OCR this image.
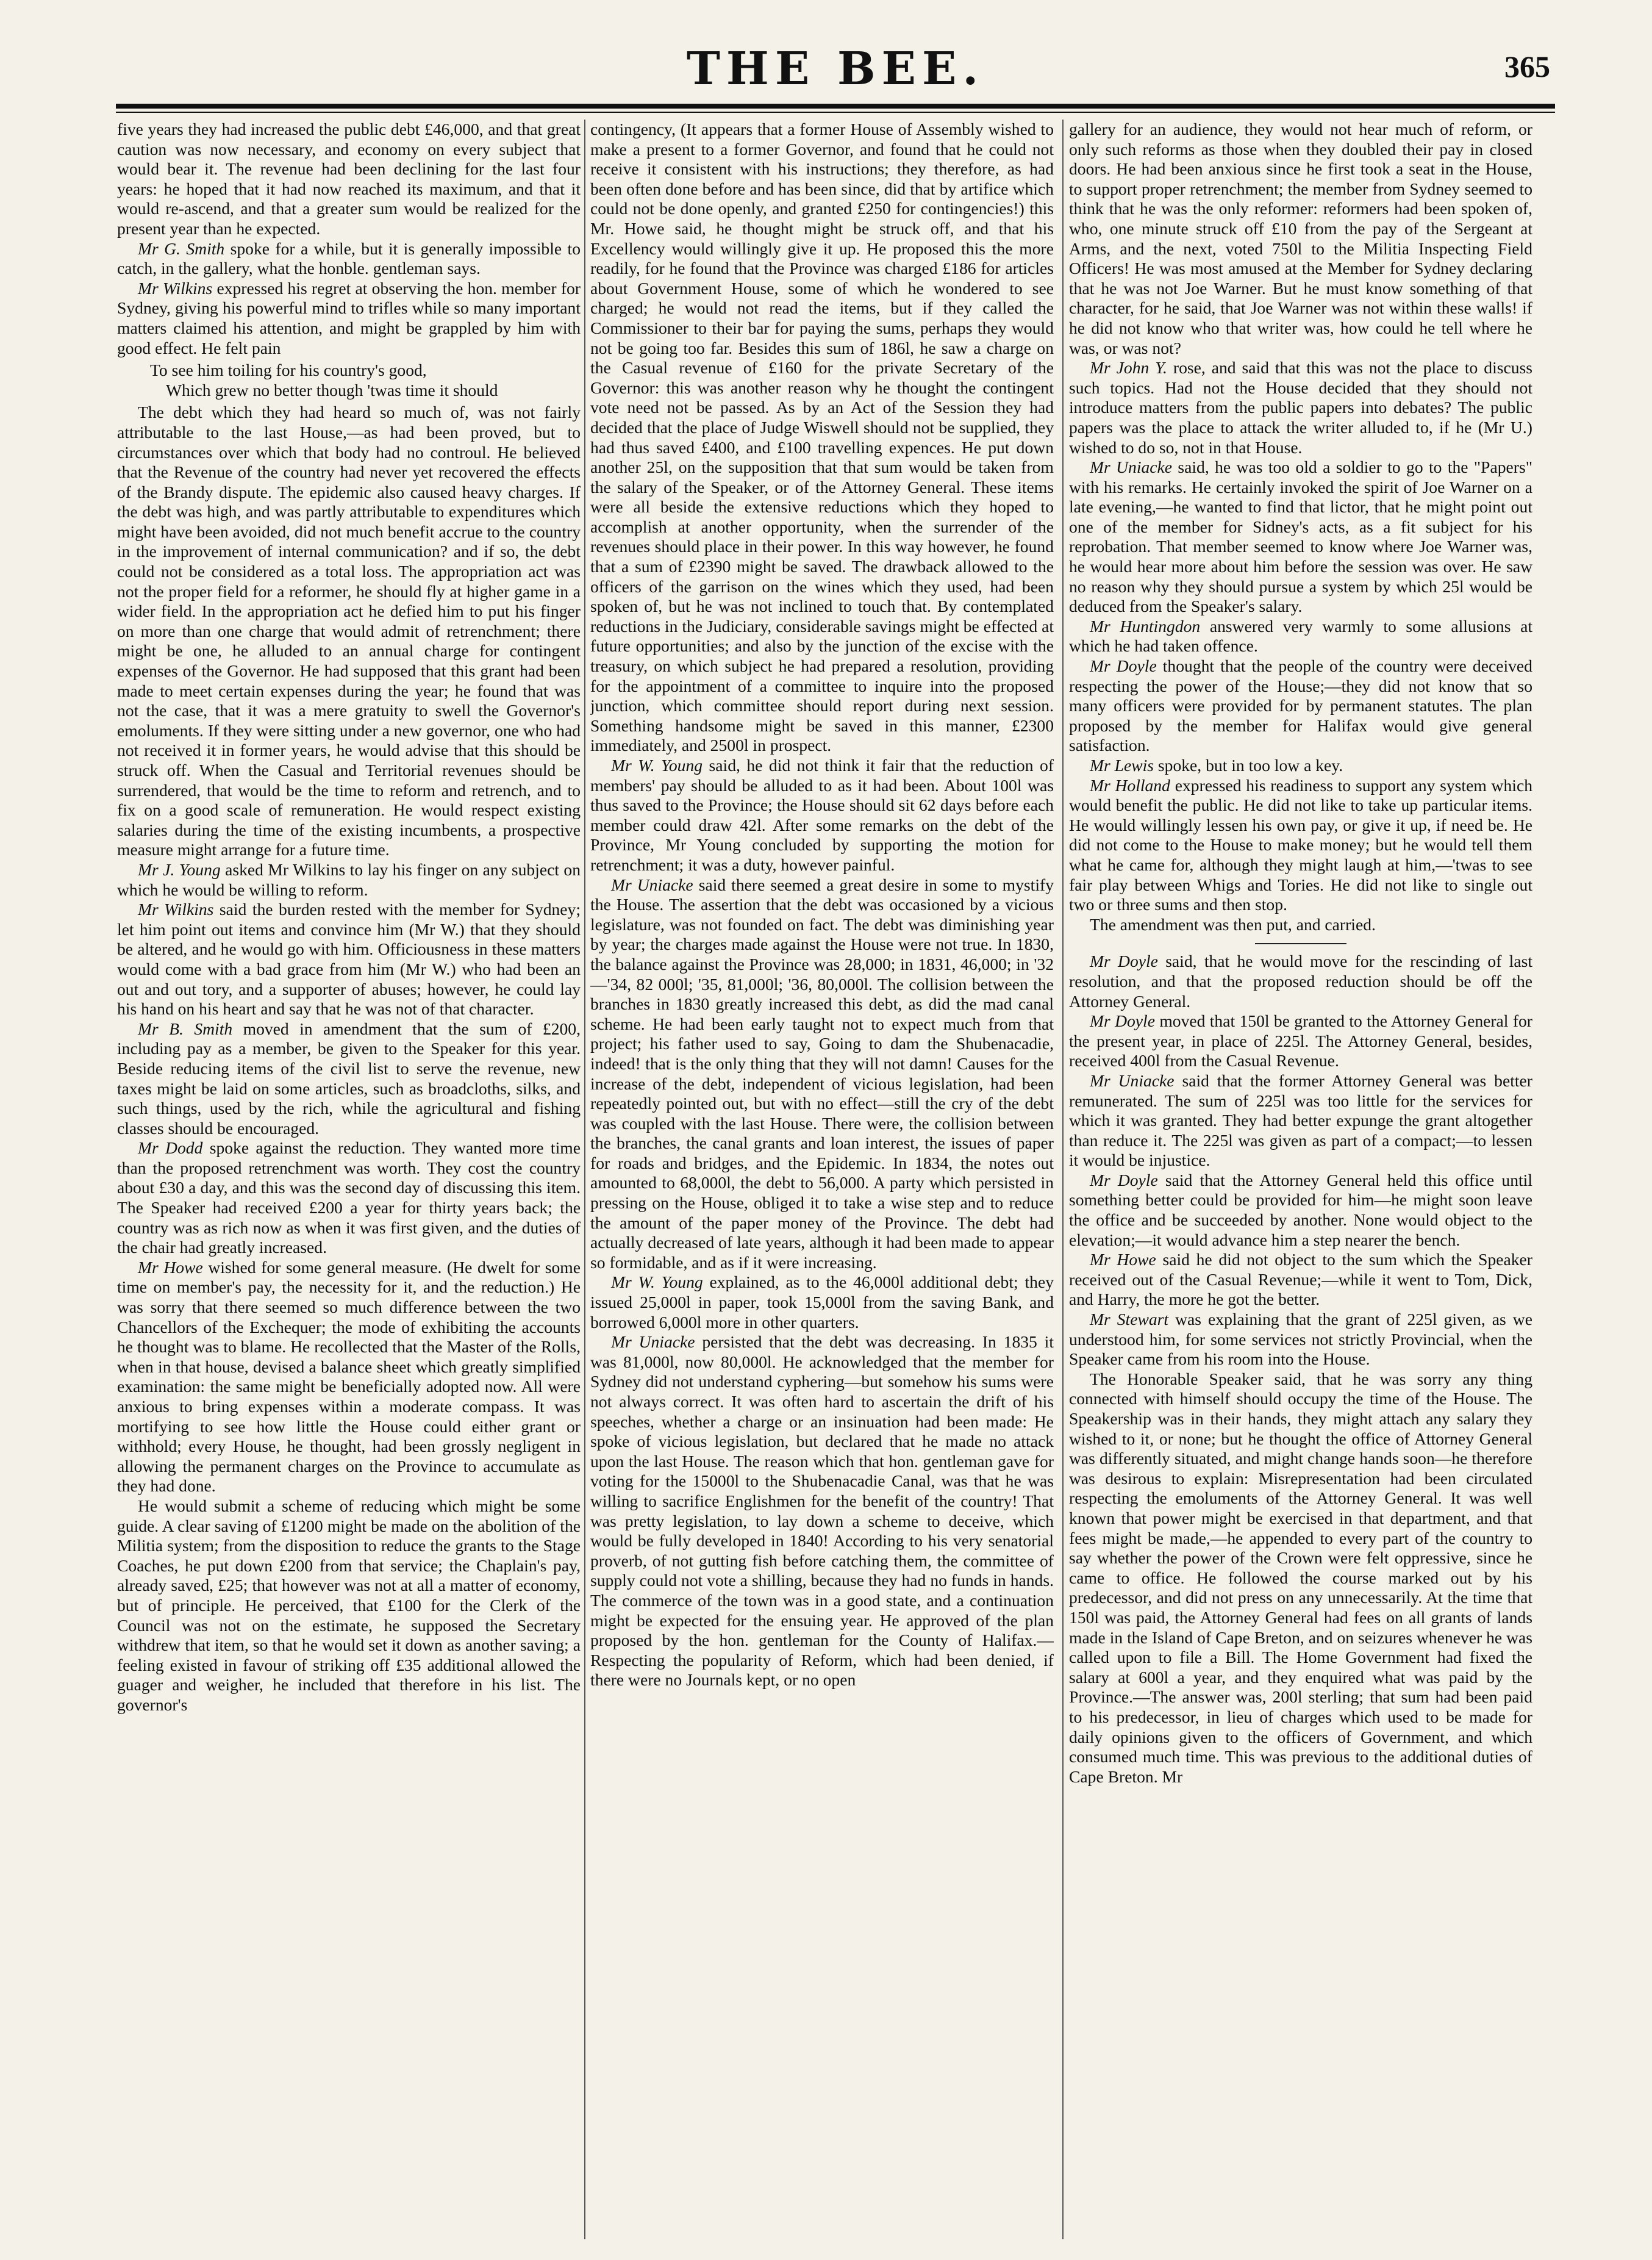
THE BEE.	365

five years they had increased the public debt £46,000, and that great caution was now necessary, and economy on every subject that would bear it. The revenue had been declining for the last four years: he hoped that it had now reached its maximum, and that it would re-ascend, and that a greater sum would be realized for the present year than he expected.

Mr G. Smith spoke for a while, but it is generally impossible to catch, in the gallery, what the honble. gentleman says.

Mr Wilkins expressed his regret at observing the hon. member for Sydney, giving his powerful mind to trifles while so many important matters claimed his attention, and might be grappled by him with good effect. He felt pain

To see him toiling for his country's good,
Which grew no better though 'twas time it should

The debt which they had heard so much of, was not fairly attributable to the last House,—as had been proved, but to circumstances over which that body had no controul. He believed that the Revenue of the country had never yet recovered the effects of the Brandy dispute. The epidemic also caused heavy charges. If the debt was high, and was partly attributable to expenditures which might have been avoided, did not much benefit accrue to the country in the improvement of internal communication? and if so, the debt could not be considered as a total loss. The appropriation act was not the proper field for a reformer, he should fly at higher game in a wider field. In the appropriation act he defied him to put his finger on more than one charge that would admit of retrenchment; there might be one, he alluded to an annual charge for contingent expenses of the Governor. He had supposed that this grant had been made to meet certain expenses during the year; he found that was not the case, that it was a mere gratuity to swell the Governor's emoluments. If they were sitting under a new governor, one who had not received it in former years, he would advise that this should be struck off. When the Casual and Territorial revenues should be surrendered, that would be the time to reform and retrench, and to fix on a good scale of remuneration. He would respect existing salaries during the time of the existing incumbents, a prospective measure might arrange for a future time.

Mr J. Young asked Mr Wilkins to lay his finger on any subject on which he would be willing to reform.

Mr Wilkins said the burden rested with the member for Sydney; let him point out items and convince him (Mr W.) that they should be altered, and he would go with him. Officiousness in these matters would come with a bad grace from him (Mr W.) who had been an out and out tory, and a supporter of abuses; however, he could lay his hand on his heart and say that he was not of that character.

Mr B. Smith moved in amendment that the sum of £200, including pay as a member, be given to the Speaker for this year. Beside reducing items of the civil list to serve the revenue, new taxes might be laid on some articles, such as broadcloths, silks, and such things, used by the rich, while the agricultural and fishing classes should be encouraged.

Mr Dodd spoke against the reduction. They wanted more time than the proposed retrenchment was worth. They cost the country about £30 a day, and this was the second day of discussing this item. The Speaker had received £200 a year for thirty years back; the country was as rich now as when it was first given, and the duties of the chair had greatly increased.

Mr Howe wished for some general measure. (He dwelt for some time on member's pay, the necessity for it, and the reduction.) He was sorry that there seemed so much difference between the two Chancellors of the Exchequer; the mode of exhibiting the accounts he thought was to blame. He recollected that the Master of the Rolls, when in that house, devised a balance sheet which greatly simplified examination: the same might be beneficially adopted now. All were anxious to bring expenses within a moderate compass. It was mortifying to see how little the House could either grant or withhold; every House, he thought, had been grossly negligent in allowing the permanent charges on the Province to accumulate as they had done.

He would submit a scheme of reducing which might be some guide. A clear saving of £1200 might be made on the abolition of the Militia system; from the disposition to reduce the grants to the Stage Coaches, he put down £200 from that service; the Chaplain's pay, already saved, £25; that however was not at all a matter of economy, but of principle. He perceived, that £100 for the Clerk of the Council was not on the estimate, he supposed the Secretary withdrew that item, so that he would set it down as another saving; a feeling existed in favour of striking off £35 additional allowed the guager and weigher, he included that therefore in his list. The governor's

contingency, (It appears that a former House of Assembly wished to make a present to a former Governor, and found that he could not receive it consistent with his instructions; they therefore, as had been often done before and has been since, did that by artifice which could not be done openly, and granted £250 for contingencies!) this Mr. Howe said, he thought might be struck off, and that his Excellency would willingly give it up. He proposed this the more readily, for he found that the Province was charged £186 for articles about Government House, some of which he wondered to see charged; he would not read the items, but if they called the Commissioner to their bar for paying the sums, perhaps they would not be going too far. Besides this sum of 186l, he saw a charge on the Casual revenue of £160 for the private Secretary of the Governor: this was another reason why he thought the contingent vote need not be passed. As by an Act of the Session they had decided that the place of Judge Wiswell should not be supplied, they had thus saved £400, and £100 travelling expences. He put down another 25l, on the supposition that that sum would be taken from the salary of the Speaker, or of the Attorney General. These items were all beside the extensive reductions which they hoped to accomplish at another opportunity, when the surrender of the revenues should place in their power. In this way however, he found that a sum of £2390 might be saved. The drawback allowed to the officers of the garrison on the wines which they used, had been spoken of, but he was not inclined to touch that. By contemplated reductions in the Judiciary, considerable savings might be effected at future opportunities; and also by the junction of the excise with the treasury, on which subject he had prepared a resolution, providing for the appointment of a committee to inquire into the proposed junction, which committee should report during next session. Something handsome might be saved in this manner, £2300 immediately, and 2500l in prospect.

Mr W. Young said, he did not think it fair that the reduction of members' pay should be alluded to as it had been. About 100l was thus saved to the Province; the House should sit 62 days before each member could draw 42l. After some remarks on the debt of the Province, Mr Young concluded by supporting the motion for retrenchment; it was a duty, however painful.

Mr Uniacke said there seemed a great desire in some to mystify the House. The assertion that the debt was occasioned by a vicious legislature, was not founded on fact. The debt was diminishing year by year; the charges made against the House were not true. In 1830, the balance against the Province was 28,000; in 1831, 46,000; in '32—'34, 82 000l; '35, 81,000l; '36, 80,000l. The collision between the branches in 1830 greatly increased this debt, as did the mad canal scheme. He had been early taught not to expect much from that project; his father used to say, Going to dam the Shubenacadie, indeed! that is the only thing that they will not damn! Causes for the increase of the debt, independent of vicious legislation, had been repeatedly pointed out, but with no effect—still the cry of the debt was coupled with the last House. There were, the collision between the branches, the canal grants and loan interest, the issues of paper for roads and bridges, and the Epidemic. In 1834, the notes out amounted to 68,000l, the debt to 56,000. A party which persisted in pressing on the House, obliged it to take a wise step and to reduce the amount of the paper money of the Province. The debt had actually decreased of late years, although it had been made to appear so formidable, and as if it were increasing.

Mr W. Young explained, as to the 46,000l additional debt; they issued 25,000l in paper, took 15,000l from the saving Bank, and borrowed 6,000l more in other quarters.

Mr Uniacke persisted that the debt was decreasing. In 1835 it was 81,000l, now 80,000l. He acknowledged that the member for Sydney did not understand cyphering—but somehow his sums were not always correct. It was often hard to ascertain the drift of his speeches, whether a charge or an insinuation had been made: He spoke of vicious legislation, but declared that he made no attack upon the last House. The reason which that hon. gentleman gave for voting for the 15000l to the Shubenacadie Canal, was that he was willing to sacrifice Englishmen for the benefit of the country! That was pretty legislation, to lay down a scheme to deceive, which would be fully developed in 1840! According to his very senatorial proverb, of not gutting fish before catching them, the committee of supply could not vote a shilling, because they had no funds in hands. The commerce of the town was in a good state, and a continuation might be expected for the ensuing year. He approved of the plan proposed by the hon. gentleman for the County of Halifax.—Respecting the popularity of Reform, which had been denied, if there were no Journals kept, or no open

gallery for an audience, they would not hear much of reform, or only such reforms as those when they doubled their pay in closed doors. He had been anxious since he first took a seat in the House, to support proper retrenchment; the member from Sydney seemed to think that he was the only reformer: reformers had been spoken of, who, one minute struck off £10 from the pay of the Sergeant at Arms, and the next, voted 750l to the Militia Inspecting Field Officers! He was most amused at the Member for Sydney declaring that he was not Joe Warner. But he must know something of that character, for he said, that Joe Warner was not within these walls! if he did not know who that writer was, how could he tell where he was, or was not?

Mr John Y. rose, and said that this was not the place to discuss such topics. Had not the House decided that they should not introduce matters from the public papers into debates? The public papers was the place to attack the writer alluded to, if he (Mr U.) wished to do so, not in that House.

Mr Uniacke said, he was too old a soldier to go to the "Papers" with his remarks. He certainly invoked the spirit of Joe Warner on a late evening,—he wanted to find that lictor, that he might point out one of the member for Sidney's acts, as a fit subject for his reprobation. That member seemed to know where Joe Warner was, he would hear more about him before the session was over. He saw no reason why they should pursue a system by which 25l would be deduced from the Speaker's salary.

Mr Huntingdon answered very warmly to some allusions at which he had taken offence.

Mr Doyle thought that the people of the country were deceived respecting the power of the House;—they did not know that so many officers were provided for by permanent statutes. The plan proposed by the member for Halifax would give general satisfaction.

Mr Lewis spoke, but in too low a key.

Mr Holland expressed his readiness to support any system which would benefit the public. He did not like to take up particular items. He would willingly lessen his own pay, or give it up, if need be. He did not come to the House to make money; but he would tell them what he came for, although they might laugh at him,—'twas to see fair play between Whigs and Tories. He did not like to single out two or three sums and then stop.

The amendment was then put, and carried.

Mr Doyle said, that he would move for the rescinding of last resolution, and that the proposed reduction should be off the Attorney General.

Mr Doyle moved that 150l be granted to the Attorney General for the present year, in place of 225l. The Attorney General, besides, received 400l from the Casual Revenue.

Mr Uniacke said that the former Attorney General was better remunerated. The sum of 225l was too little for the services for which it was granted. They had better expunge the grant altogether than reduce it. The 225l was given as part of a compact;—to lessen it would be injustice.

Mr Doyle said that the Attorney General held this office until something better could be provided for him—he might soon leave the office and be succeeded by another. None would object to the elevation;—it would advance him a step nearer the bench.

Mr Howe said he did not object to the sum which the Speaker received out of the Casual Revenue;—while it went to Tom, Dick, and Harry, the more he got the better.

Mr Stewart was explaining that the grant of 225l given, as we understood him, for some services not strictly Provincial, when the Speaker came from his room into the House.

The Honorable Speaker said, that he was sorry any thing connected with himself should occupy the time of the House. The Speakership was in their hands, they might attach any salary they wished to it, or none; but he thought the office of Attorney General was differently situated, and might change hands soon—he therefore was desirous to explain: Misrepresentation had been circulated respecting the emoluments of the Attorney General. It was well known that power might be exercised in that department, and that fees might be made,—he appended to every part of the country to say whether the power of the Crown were felt oppressive, since he came to office. He followed the course marked out by his predecessor, and did not press on any unnecessarily. At the time that 150l was paid, the Attorney General had fees on all grants of lands made in the Island of Cape Breton, and on seizures whenever he was called upon to file a Bill. The Home Government had fixed the salary at 600l a year, and they enquired what was paid by the Province.—The answer was, 200l sterling; that sum had been paid to his predecessor, in lieu of charges which used to be made for daily opinions given to the officers of Government, and which consumed much time. This was previous to the additional duties of Cape Breton. Mr
